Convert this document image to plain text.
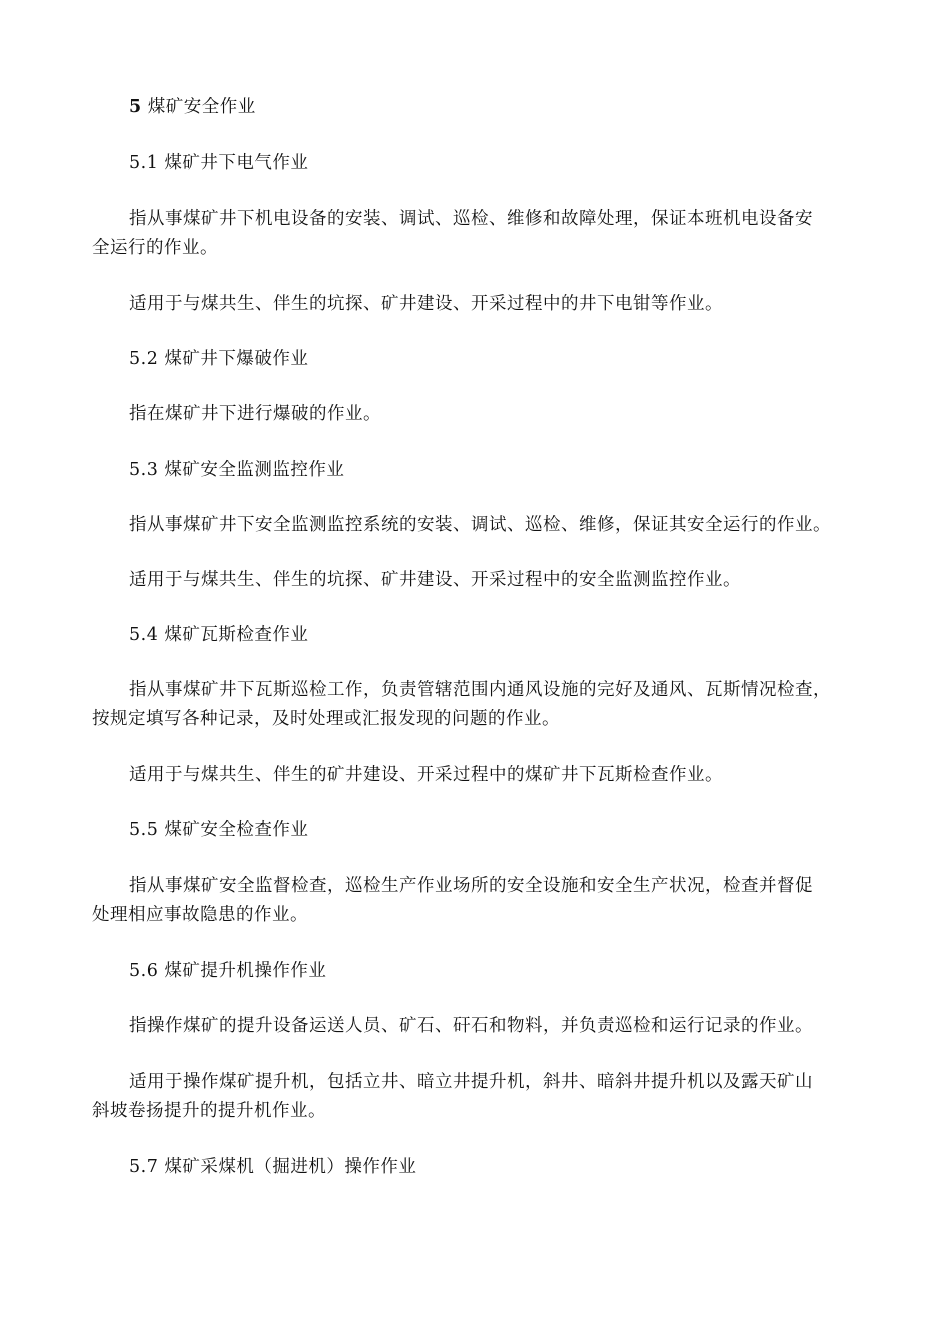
5 煤矿安全作业
5.1 煤矿井下电气作业
指从事煤矿井下机电设备的安装、调试、巡检、维修和故障处理，保证本班机电设备安
全运行的作业。
适用于与煤共生、伴生的坑探、矿井建设、开采过程中的井下电钳等作业。
5.2 煤矿井下爆破作业
指在煤矿井下进行爆破的作业。
5.3 煤矿安全监测监控作业
指从事煤矿井下安全监测监控系统的安装、调试、巡检、维修，保证其安全运行的作业。
适用于与煤共生、伴生的坑探、矿井建设、开采过程中的安全监测监控作业。
5.4 煤矿瓦斯检查作业
指从事煤矿井下瓦斯巡检工作，负责管辖范围内通风设施的完好及通风、瓦斯情况检查，
按规定填写各种记录，及时处理或汇报发现的问题的作业。
适用于与煤共生、伴生的矿井建设、开采过程中的煤矿井下瓦斯检查作业。
5.5 煤矿安全检查作业
指从事煤矿安全监督检查，巡检生产作业场所的安全设施和安全生产状况，检查并督促
处理相应事故隐患的作业。
5.6 煤矿提升机操作作业
指操作煤矿的提升设备运送人员、矿石、矸石和物料，并负责巡检和运行记录的作业。
适用于操作煤矿提升机，包括立井、暗立井提升机，斜井、暗斜井提升机以及露天矿山
斜坡卷扬提升的提升机作业。
5.7 煤矿采煤机（掘进机）操作作业
